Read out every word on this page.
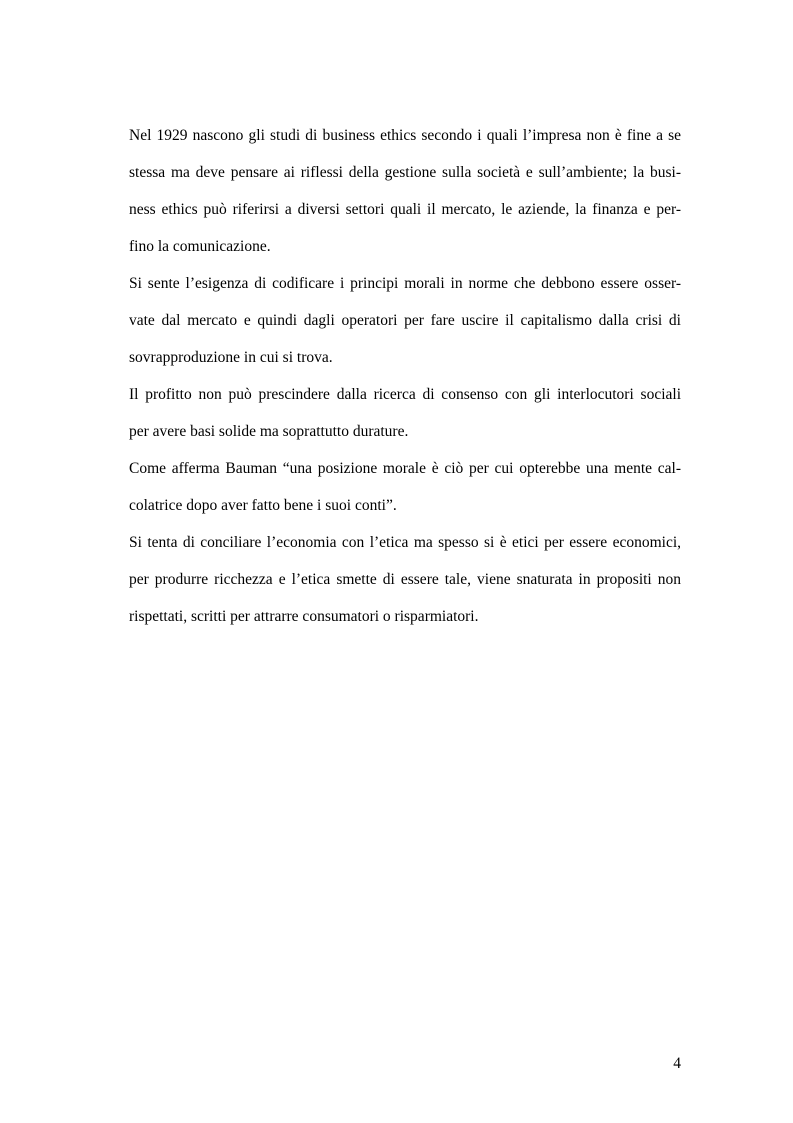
Nel 1929 nascono gli studi di business ethics secondo i quali l’impresa non è fine a se
stessa ma deve pensare ai riflessi della gestione sulla società e sull’ambiente; la busi-
ness ethics può riferirsi a diversi settori quali il mercato, le aziende, la finanza e per-
fino la comunicazione.
Si sente l’esigenza di codificare i principi morali in norme che debbono essere osser-
vate dal mercato e quindi dagli operatori per fare uscire il capitalismo dalla crisi di
sovrapproduzione in cui si trova.
Il profitto non può prescindere dalla ricerca di consenso con gli interlocutori sociali
per avere basi solide ma soprattutto durature.
Come afferma Bauman “una posizione morale è ciò per cui opterebbe una mente cal-
colatrice dopo aver fatto bene i suoi conti”.
Si tenta di conciliare l’economia con l’etica ma spesso si è etici per essere economici,
per produrre ricchezza e l’etica smette di essere tale, viene snaturata in propositi non
rispettati, scritti per attrarre consumatori o risparmiatori.
4
